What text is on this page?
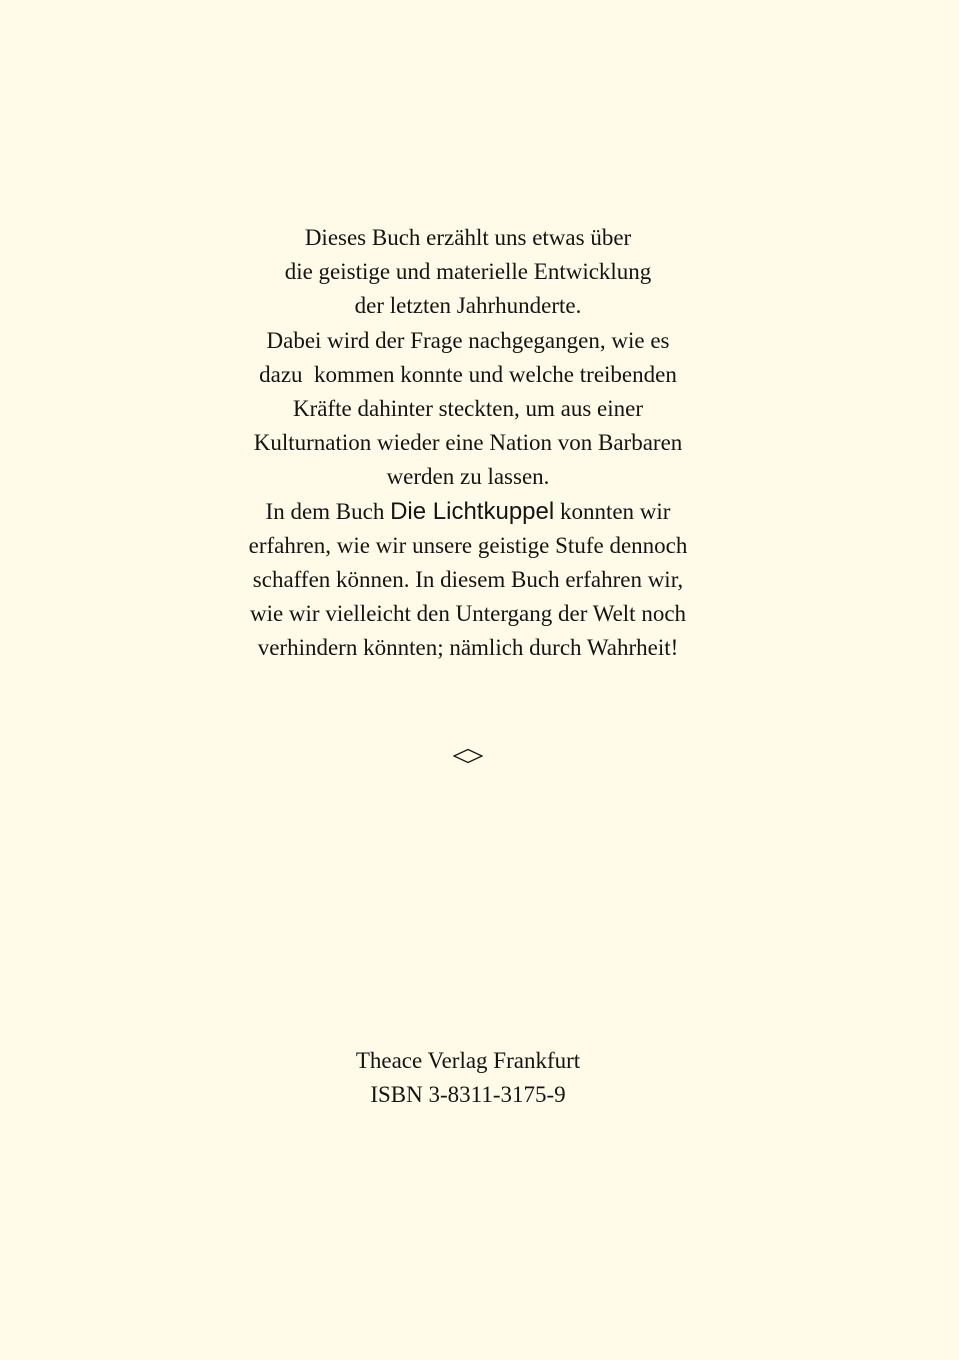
Dieses Buch erzählt uns etwas über
die geistige und materielle Entwicklung
der letzten Jahrhunderte.
Dabei wird der Frage nachgegangen, wie es
dazu  kommen konnte und welche treibenden
Kräfte dahinter steckten, um aus einer
Kulturnation wieder eine Nation von Barbaren
werden zu lassen.
In dem Buch Die Lichtkuppel konnten wir
erfahren, wie wir unsere geistige Stufe dennoch
schaffen können. In diesem Buch erfahren wir,
wie wir vielleicht den Untergang der Welt noch
verhindern könnten; nämlich durch Wahrheit!
Theace Verlag Frankfurt
ISBN 3-8311-3175-9
